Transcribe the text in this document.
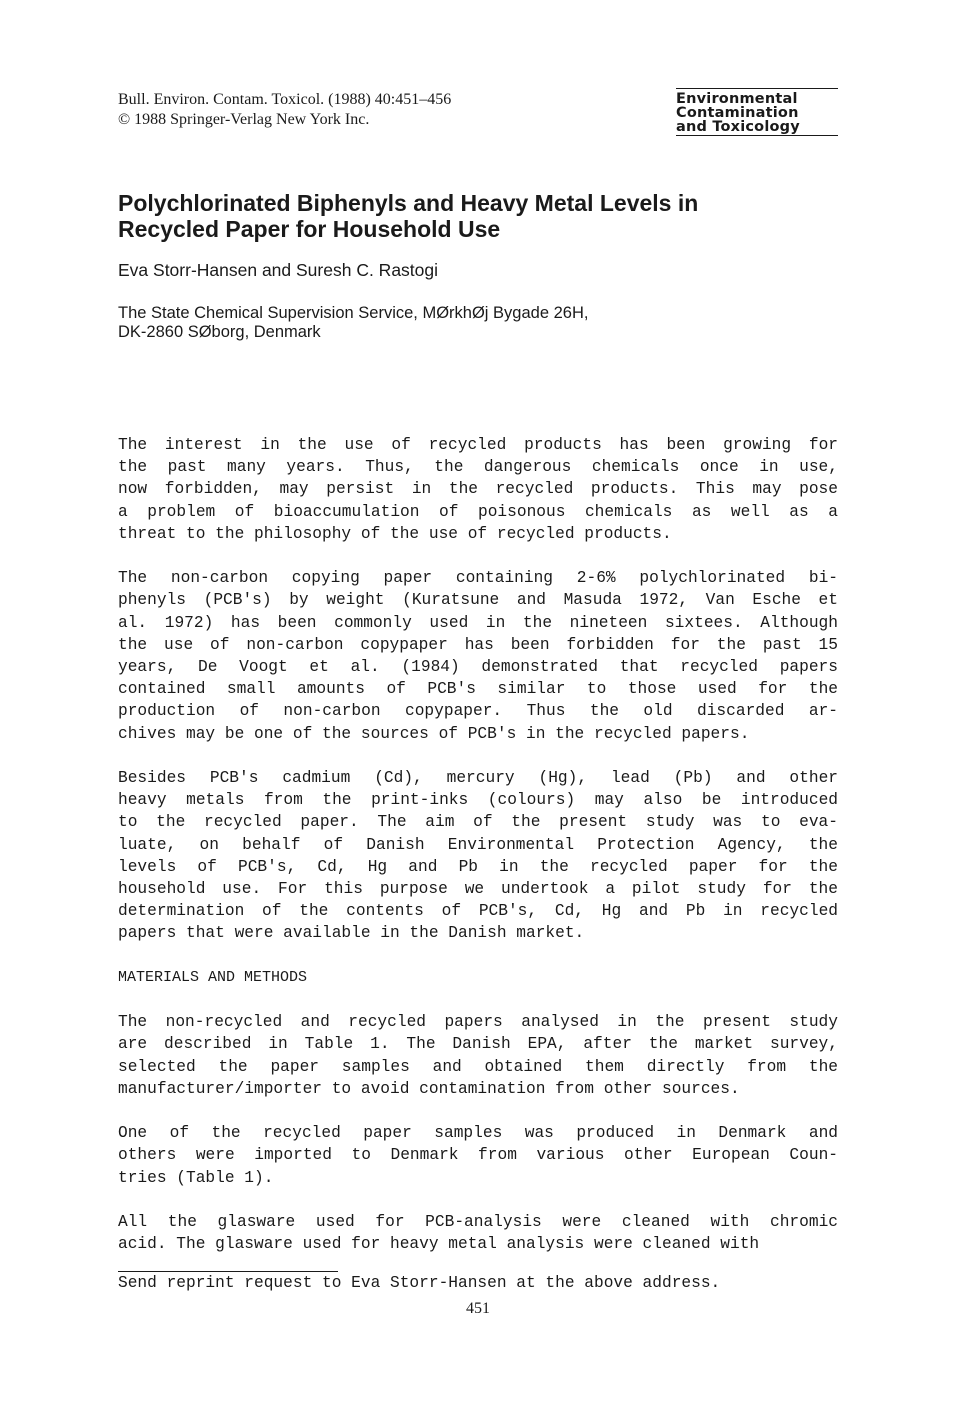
Bull. Environ. Contam. Toxicol. (1988) 40:451–456
© 1988 Springer-Verlag New York Inc.
Environmental
Contamination
and Toxicology
Polychlorinated Biphenyls and Heavy Metal Levels in
Recycled Paper for Household Use
Eva Storr-Hansen and Suresh C. Rastogi
The State Chemical Supervision Service, MØrkhØj Bygade 26H,
DK-2860 SØborg, Denmark

The interest in the use of recycled products has been growing for
the past many years. Thus, the dangerous chemicals once in use,
now forbidden, may persist in the recycled products. This may pose
a problem of bioaccumulation of poisonous chemicals as well as a
threat to the philosophy of the use of recycled products.

The non-carbon copying paper containing 2-6% polychlorinated bi-
phenyls (PCB's) by weight (Kuratsune and Masuda 1972, Van Esche et
al. 1972) has been commonly used in the nineteen sixtees. Although
the use of non-carbon copypaper has been forbidden for the past 15
years, De Voogt et al. (1984) demonstrated that recycled papers
contained small amounts of PCB's similar to those used for the
production of non-carbon copypaper. Thus the old discarded ar-
chives may be one of the sources of PCB's in the recycled papers.

Besides PCB's cadmium (Cd), mercury (Hg), lead (Pb) and other
heavy metals from the print-inks (colours) may also be introduced
to the recycled paper. The aim of the present study was to eva-
luate, on behalf of Danish Environmental Protection Agency, the
levels of PCB's, Cd, Hg and Pb in the recycled paper for the
household use. For this purpose we undertook a pilot study for the
determination of the contents of PCB's, Cd, Hg and Pb in recycled
papers that were available in the Danish market.

MATERIALS AND METHODS

The non-recycled and recycled papers analysed in the present study
are described in Table 1. The Danish EPA, after the market survey,
selected the paper samples and obtained them directly from the
manufacturer/importer to avoid contamination from other sources.

One of the recycled paper samples was produced in Denmark and
others were imported to Denmark from various other European Coun-
tries (Table 1).

All the glasware used for PCB-analysis were cleaned with chromic
acid. The glasware used for heavy metal analysis were cleaned with

Send reprint request to Eva Storr-Hansen at the above address.
451
